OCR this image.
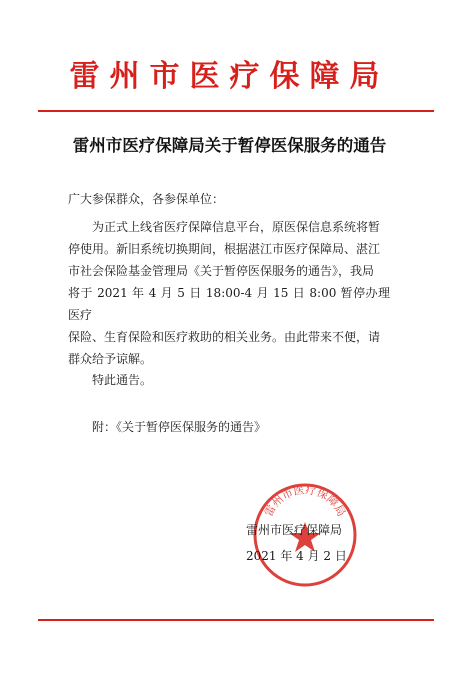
雷州市医疗保障局
雷州市医疗保障局关于暂停医保服务的通告
广大参保群众，各参保单位：
为正式上线省医疗保障信息平台，原医保信息系统将暂
停使用。新旧系统切换期间，根据湛江市医疗保障局、湛江
市社会保险基金管理局《关于暂停医保服务的通告》，我局
将于 2021 年 4 月 5 日 18:00-4 月 15 日 8:00 暂停办理医疗
保险、生育保险和医疗救助的相关业务。由此带来不便，请
群众给予谅解。
特此通告。
附：《关于暂停医保服务的通告》
雷州市医疗保障局
雷州市医疗保障局
2021 年 4 月 2 日
